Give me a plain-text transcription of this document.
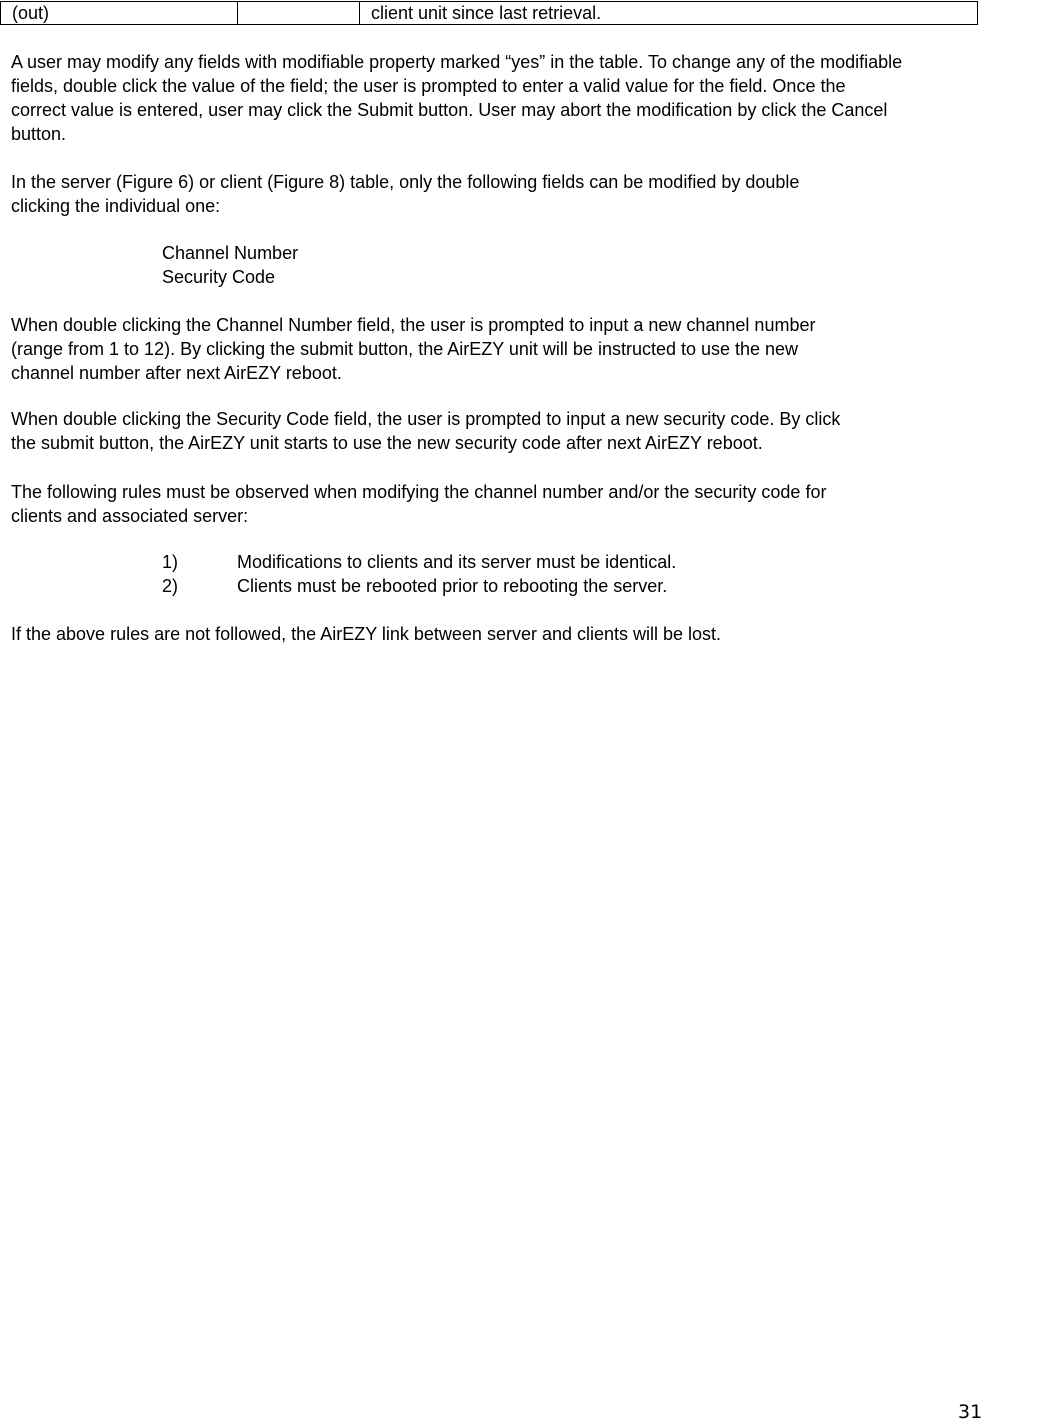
(out)		client unit since last retrieval.

A user may modify any fields with modifiable property marked “yes” in the table. To change any of the modifiable

fields, double click the value of the field; the user is prompted to enter a valid value for the field. Once the

correct value is entered, user may click the Submit button. User may abort the modification by click the Cancel

button.

In the server (Figure 6) or client (Figure 8) table, only the following fields can be modified by double

clicking the individual one:

Channel Number

Security Code

When double clicking the Channel Number field, the user is prompted to input a new channel number

(range from 1 to 12). By clicking the submit button, the AirEZY unit will be instructed to use the new

channel number after next AirEZY reboot.

When double clicking the Security Code field, the user is prompted to input a new security code. By click

the submit button, the AirEZY unit starts to use the new security code after next AirEZY reboot.

The following rules must be observed when modifying the channel number and/or the security code for

clients and associated server:

1)	Modifications to clients and its server must be identical.
2)	Clients must be rebooted prior to rebooting the server.

If the above rules are not followed, the AirEZY link between server and clients will be lost.

31
